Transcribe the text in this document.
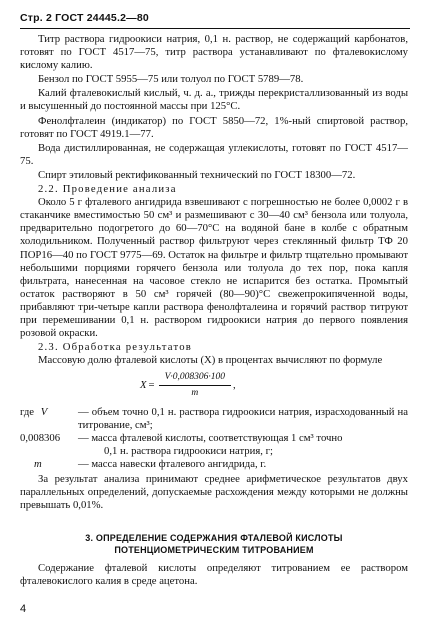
Стр. 2 ГОСТ 24445.2—80

Титр раствора гидроокиси натрия, 0,1 н. раствор, не содержащий карбонатов, готовят по ГОСТ 4517—75, титр раствора устанавливают по фталевокислому кислому калию.

Бензол по ГОСТ 5955—75 или толуол по ГОСТ 5789—78.

Калий фталевокислый кислый, ч. д. а., трижды перекристаллизованный из воды и высушенный до постоянной массы при 125°С.

Фенолфталеин (индикатор) по ГОСТ 5850—72, 1%-ный спиртовой раствор, готовят по ГОСТ 4919.1—77.

Вода дистиллированная, не содержащая углекислоты, готовят по ГОСТ 4517—75.

Спирт этиловый ректификованный технический по ГОСТ 18300—72.

2.2. Проведение анализа

Около 5 г фталевого ангидрида взвешивают с погрешностью не более 0,0002 г в стаканчике вместимостью 50 см³ и размешивают с 30—40 см³ бензола или толуола, предварительно подогретого до 60—70°С на водяной бане в колбе с обратным холодильником. Полученный раствор фильтруют через стеклянный фильтр ТФ 20 ПОР16—40 по ГОСТ 9775—69. Остаток на фильтре и фильтр тщательно промывают небольшими порциями горячего бензола или толуола до тех пор, пока капля фильтрата, нанесенная на часовое стекло не испарится без остатка. Промытый остаток растворяют в 50 см³ горячей (80—90)°С свежепрокипяченной воды, прибавляют три-четыре капли раствора фенолфталеина и горячий раствор титруют при перемешивании 0,1 н. раствором гидроокиси натрия до первого появления розовой окраски.

2.3. Обработка результатов

Массовую долю фталевой кислоты (X) в процентах вычисляют по формуле

$X = \frac{V\cdot 0,008306\cdot 100}{m}$ ,
где V	— объем точно 0,1 н. раствора гидроокиси натрия, израсходованный на титрование, см³;
0,008306	— масса фталевой кислоты, соответствующая 1 см³ точно
0,1 н. раствора гидроокиси натрия, г;
m	— масса навески фталевого ангидрида, г.

За результат анализа принимают среднее арифметическое результатов двух параллельных определений, допускаемые расхождения между которыми не должны превышать 0,01%.

3. ОПРЕДЕЛЕНИЕ СОДЕРЖАНИЯ ФТАЛЕВОЙ КИСЛОТЫ
ПОТЕНЦИОМЕТРИЧЕСКИМ ТИТРОВАНИЕМ

Содержание фталевой кислоты определяют титрованием ее раствором фталевокислого калия в среде ацетона.

4
